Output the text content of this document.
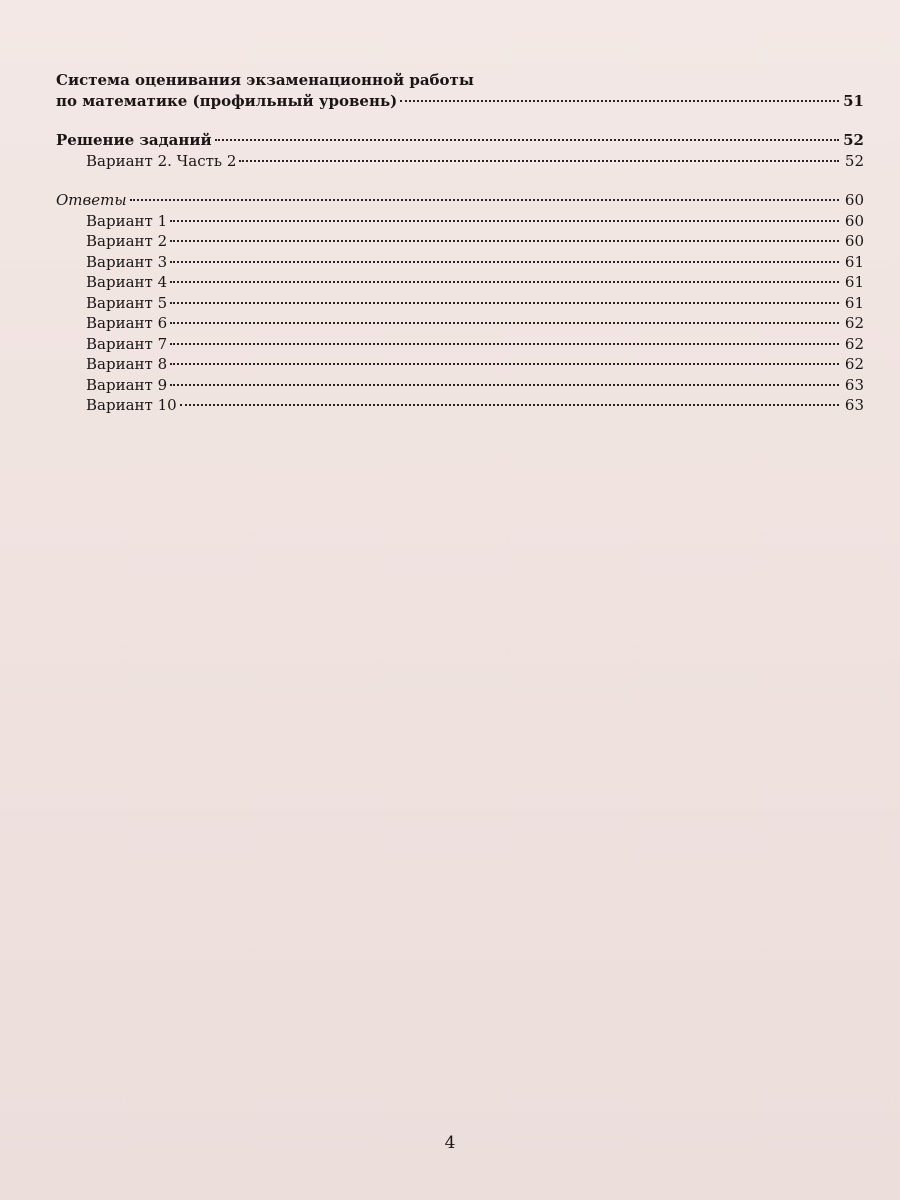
Система оценивания экзаменационной работы
по математике (профильный уровень)	51
Решение заданий	52
Вариант 2. Часть 2	52
Ответы	60
Вариант 1	60
Вариант 2	60
Вариант 3	61
Вариант 4	61
Вариант 5	61
Вариант 6	62
Вариант 7	62
Вариант 8	62
Вариант 9	63
Вариант 10	63
4
